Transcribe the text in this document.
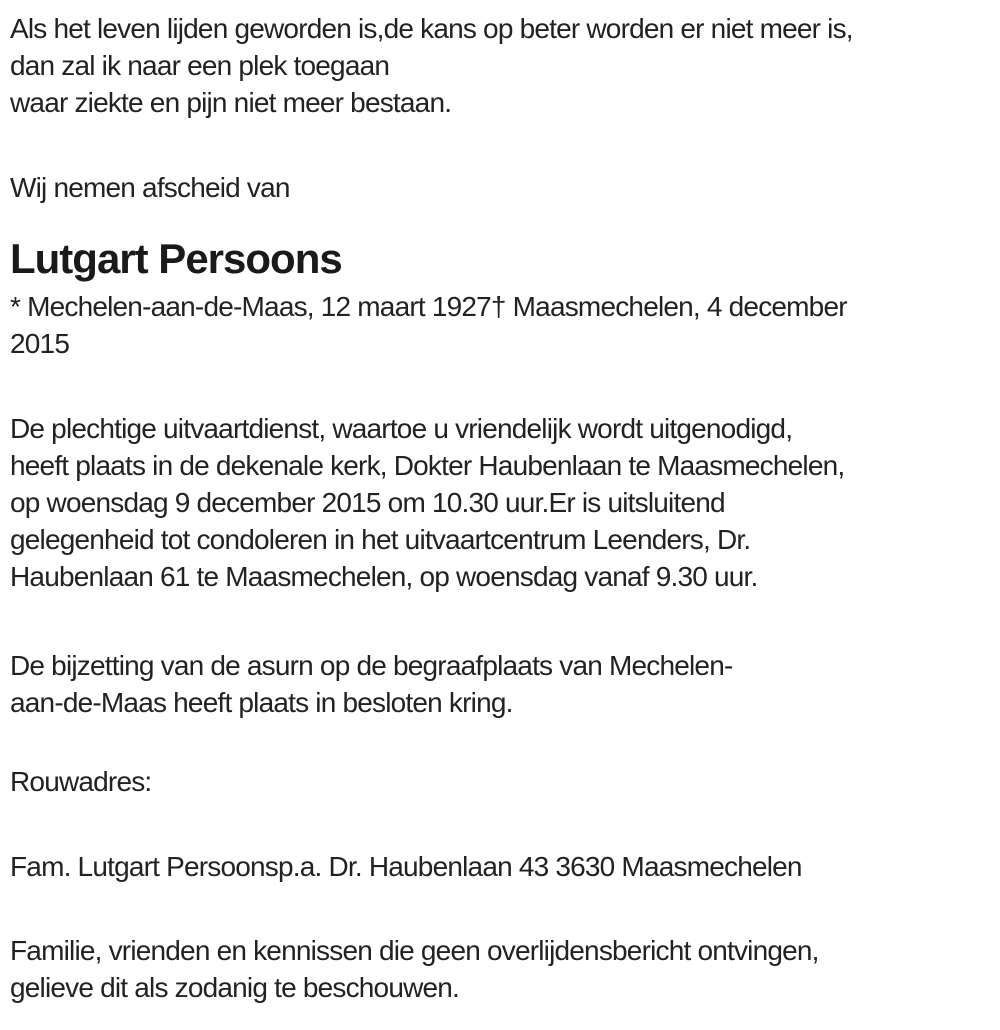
Als het leven lijden geworden is,de kans op beter worden er niet meer is,
dan zal ik naar een plek toegaan
waar ziekte en pijn niet meer bestaan.
Wij nemen afscheid van
Lutgart Persoons
* Mechelen-aan-de-Maas, 12 maart 1927† Maasmechelen, 4 december
2015
De plechtige uitvaartdienst, waartoe u vriendelijk wordt uitgenodigd,
heeft plaats in de dekenale kerk, Dokter Haubenlaan te Maasmechelen,
op woensdag 9 december 2015 om 10.30 uur.Er is uitsluitend
gelegenheid tot condoleren in het uitvaartcentrum Leenders, Dr.
Haubenlaan 61 te Maasmechelen, op woensdag vanaf 9.30 uur.
De bijzetting van de asurn op de begraafplaats van Mechelen-
aan-de-Maas heeft plaats in besloten kring.
Rouwadres:
Fam. Lutgart Persoonsp.a. Dr. Haubenlaan 43 3630 Maasmechelen
Familie, vrienden en kennissen die geen overlijdensbericht ontvingen,
gelieve dit als zodanig te beschouwen.
